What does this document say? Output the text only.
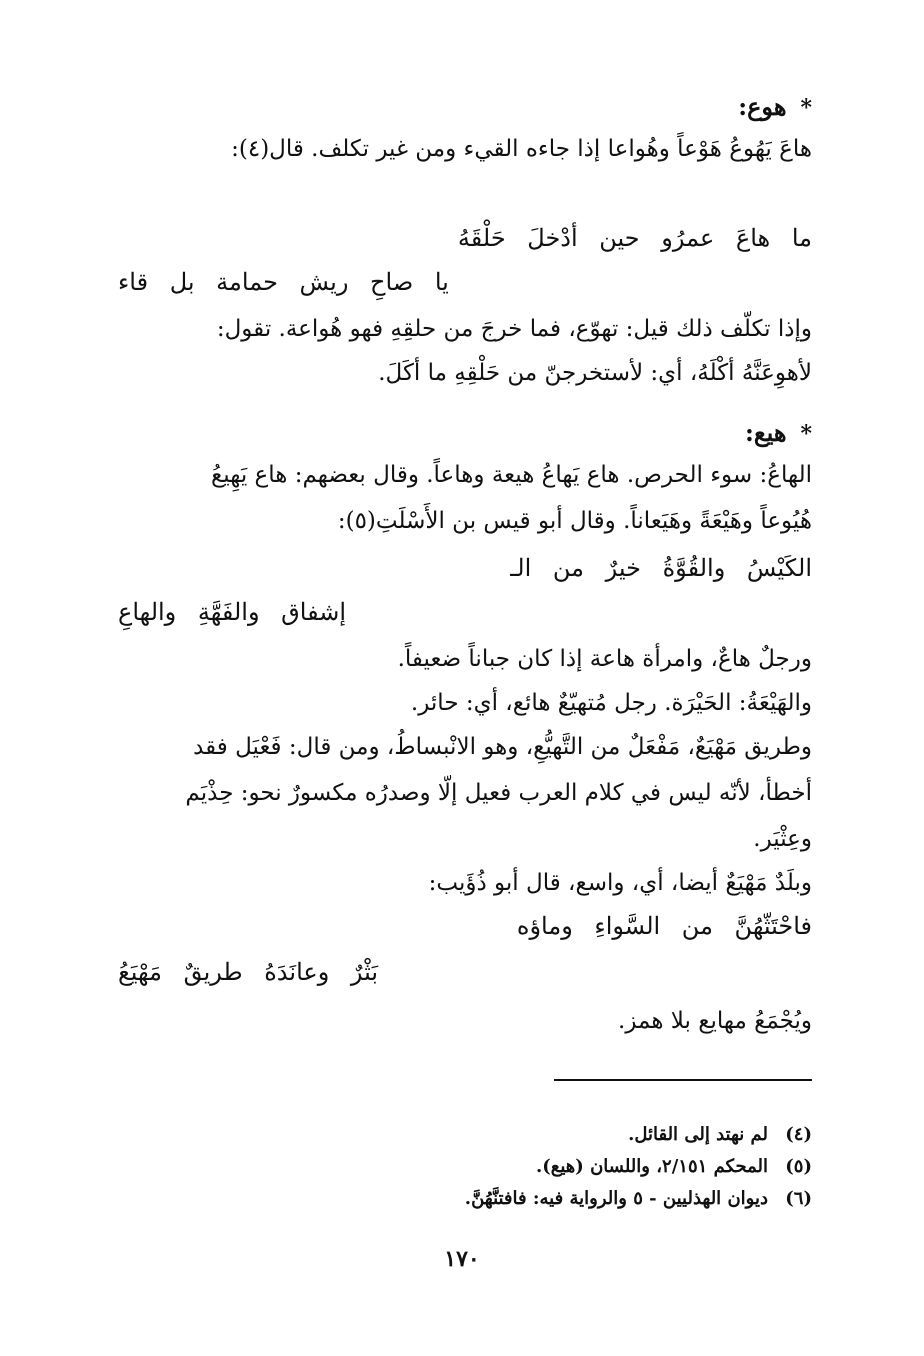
*هوع:
هاعَ يَهُوعُ هَوْعاً وهُواعا إذا جاءه القيء ومن غير تكلف. قال(٤):
ما هاعَ عمرُو حين أدْخلَ حَلْقَهُ
يا صاحِ ريش حمامة بل قاء
وإذا تكلّف ذلك قيل: تهوّع، فما خرجَ من حلقِهِ فهو هُواعة. تقول:
لأهوِعَنَّهُ أكْلَهُ، أي: لأستخرجنّ من حَلْقِهِ ما أكَلَ.
*هيع:
الهاعُ: سوء الحرص. هاع يَهاعُ هيعة وهاعاً. وقال بعضهم: هاع يَهِيعُ
هُيُوعاً وهَيْعَةً وهَيَعاناً. وقال أبو قيس بن الأَسْلَتِ(٥):
الكَيْسُ والقُوَّةُ خيرٌ من الـ
إشفاق والفَهَّةِ والهاعِ
ورجلٌ هاعٌ، وامرأة هاعة إذا كان جباناً ضعيفاً.
والهَيْعَةُ: الحَيْرَة. رجل مُتهيّعٌ هائع، أي: حائر.
وطريق مَهْيَعٌ، مَفْعَلٌ من التَّهيُّعِ، وهو الانْبساطُ، ومن قال: فَعْيَل فقد
أخطأ، لأنّه ليس في كلام العرب فعيل إلّا وصدرُه مكسورٌ نحو: حِذْيَم
وعِثْيَر.
وبلَدٌ مَهْيَعٌ أيضا، أي، واسع، قال أبو ذُؤَيب:
فاحْتَثّهُنَّ من السَّواءِ وماؤه
بَثْرٌ وعانَدَهُ طريقٌ مَهْيَعُ
ويُجْمَعُ مهايع بلا همز.
(٤)لم نهتد إلى القائل.
(٥)المحكم ٢/١٥١، واللسان (هيع).
(٦)ديوان الهذليين - ٥ والرواية فيه: فافتنَّهُنَّ.
١٧٠
